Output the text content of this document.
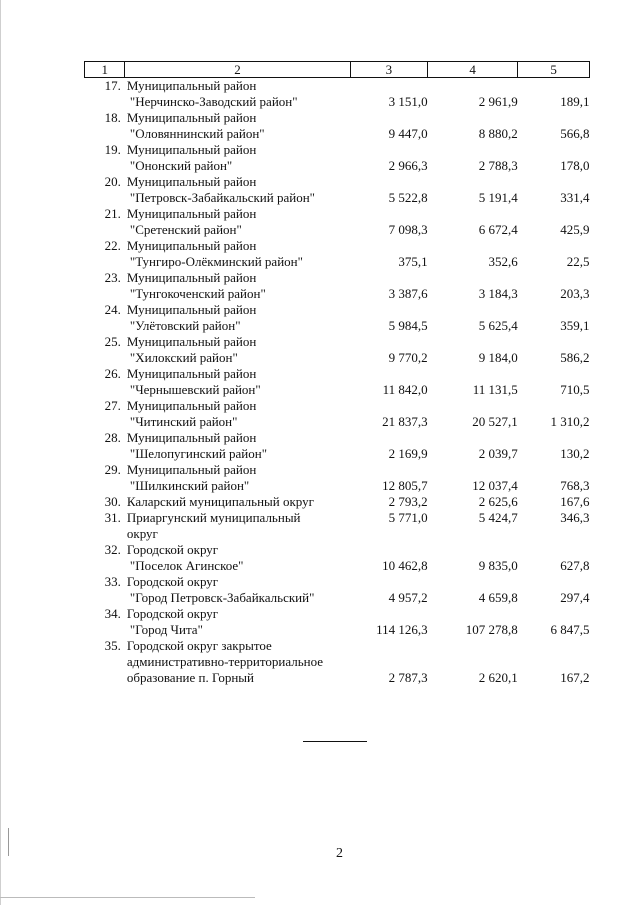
1	2	3	4	5
17.	Муниципальный район
"Нерчинско-Заводский район"	3 151,0	2 961,9	189,1
18.	Муниципальный район
"Оловяннинский район"	9 447,0	8 880,2	566,8
19.	Муниципальный район
"Ононский район"	2 966,3	2 788,3	178,0
20.	Муниципальный район
"Петровск-Забайкальский район"	5 522,8	5 191,4	331,4
21.	Муниципальный район
"Сретенский район"	7 098,3	6 672,4	425,9
22.	Муниципальный район
"Тунгиро-Олёкминский район"	375,1	352,6	22,5
23.	Муниципальный район
"Тунгокоченский район"	3 387,6	3 184,3	203,3
24.	Муниципальный район
"Улётовский район"	5 984,5	5 625,4	359,1
25.	Муниципальный район
"Хилокский район"	9 770,2	9 184,0	586,2
26.	Муниципальный район
"Чернышевский район"	11 842,0	11 131,5	710,5
27.	Муниципальный район
"Читинский район"	21 837,3	20 527,1	1 310,2
28.	Муниципальный район
"Шелопугинский район"	2 169,9	2 039,7	130,2
29.	Муниципальный район
"Шилкинский район"	12 805,7	12 037,4	768,3
30.	Каларский муниципальный округ	2 793,2	2 625,6	167,6
31.	Приаргунский муниципальный
округ	5 771,0	5 424,7	346,3
32.	Городской округ
"Поселок Агинское"	10 462,8	9 835,0	627,8
33.	Городской округ
"Город Петровск-Забайкальский"	4 957,2	4 659,8	297,4
34.	Городской округ
"Город Чита"	114 126,3	107 278,8	6 847,5
35.	Городской округ закрытое
административно-территориальное
образование п. Горный	2 787,3	2 620,1	167,2
2
